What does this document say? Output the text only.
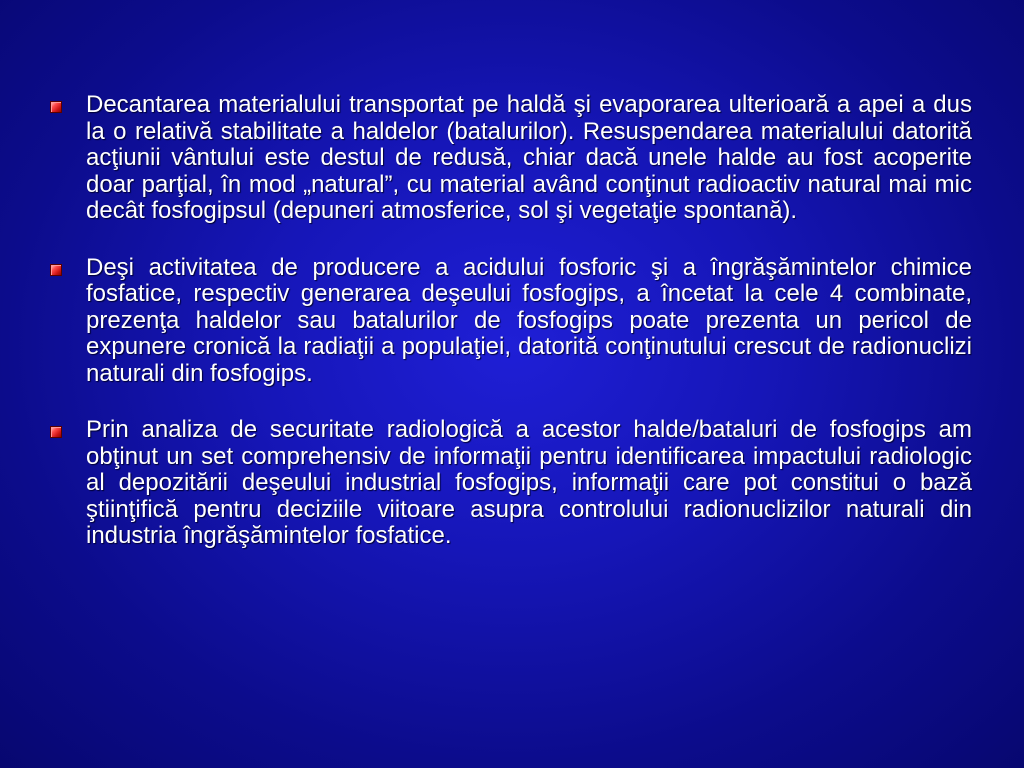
Decantarea materialului transportat pe haldă şi evaporarea ulterioară a apei a dus la o relativă stabilitate a haldelor (batalurilor). Resuspendarea materialului datorită acţiunii vântului este destul de redusă, chiar dacă unele halde au fost acoperite doar parţial, în mod „natural”, cu material având conţinut radioactiv natural mai mic decât fosfogipsul (depuneri atmosferice, sol şi vegetaţie spontană).
Deşi activitatea de producere a acidului fosforic şi a îngrăşămintelor chimice fosfatice, respectiv generarea deşeului fosfogips, a încetat la cele 4 combinate, prezenţa haldelor sau batalurilor de fosfogips poate prezenta un pericol de expunere cronică la radiaţii a populaţiei, datorită conţinutului crescut de radionuclizi naturali din fosfogips.
Prin analiza de securitate radiologică a acestor halde/bataluri de fosfogips am obţinut un set comprehensiv de informaţii pentru identificarea impactului radiologic al depozitării deşeului industrial fosfogips, informaţii care pot constitui o bază ştiinţifică pentru deciziile viitoare asupra controlului radionuclizilor naturali din industria îngrăşămintelor fosfatice.
